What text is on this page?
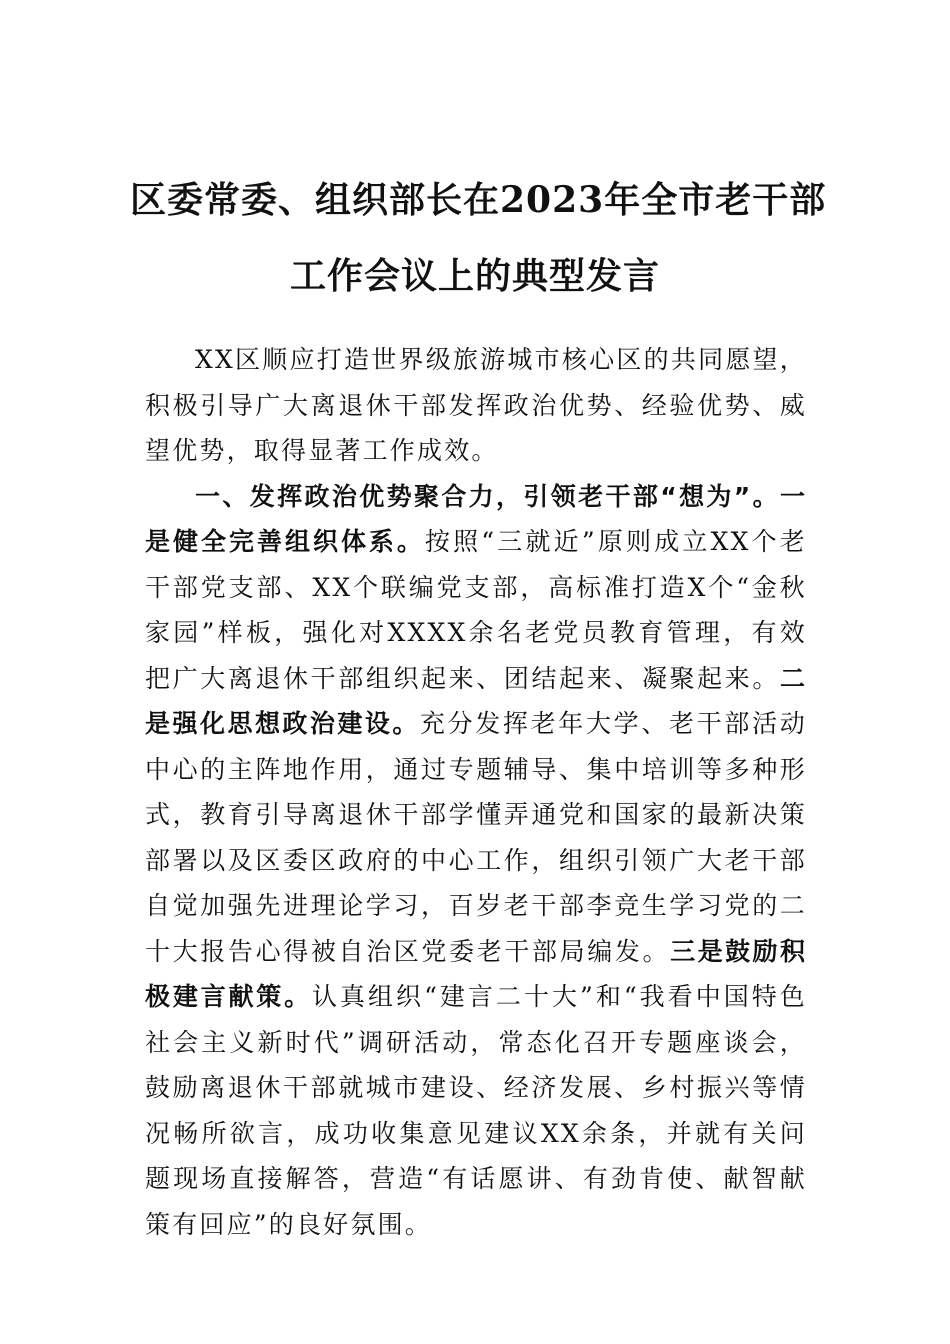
区委常委、组织部长在2023年全市老干部
工作会议上的典型发言

XX区顺应打造世界级旅游城市核心区的共同愿望，积极引导广大离退休干部发挥政治优势、经验优势、威望优势，取得显著工作成效。

一、发挥政治优势聚合力，引领老干部“想为”。一是健全完善组织体系。按照“三就近”原则成立XX个老干部党支部、XX个联编党支部，高标准打造X个“金秋家园”样板，强化对XXXX余名老党员教育管理，有效把广大离退休干部组织起来、团结起来、凝聚起来。二是强化思想政治建设。充分发挥老年大学、老干部活动中心的主阵地作用，通过专题辅导、集中培训等多种形式，教育引导离退休干部学懂弄通党和国家的最新决策部署以及区委区政府的中心工作，组织引领广大老干部自觉加强先进理论学习，百岁老干部李竞生学习党的二十大报告心得被自治区党委老干部局编发。三是鼓励积极建言献策。认真组织“建言二十大”和“我看中国特色社会主义新时代”调研活动，常态化召开专题座谈会，鼓励离退休干部就城市建设、经济发展、乡村振兴等情况畅所欲言，成功收集意见建议XX余条，并就有关问题现场直接解答，营造“有话愿讲、有劲肯使、献智献策有回应”的良好氛围。
